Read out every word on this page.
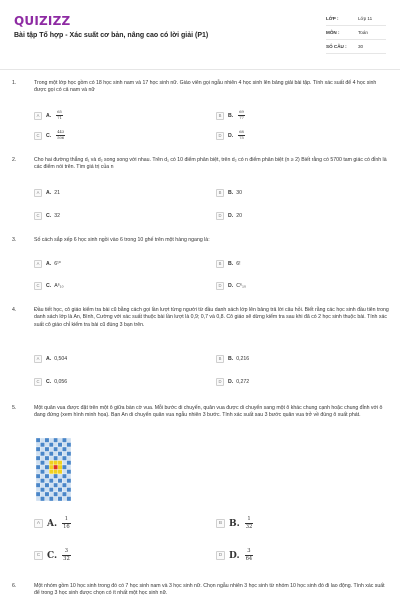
QUIZIZZ
Bài tập Tổ hợp - Xác suất cơ bản, nâng cao có lời giải (P1)
LỚP :	Lớp 11
MÔN :	Toán
SỐ CÂU :	30
1.	Trong một lớp học gồm có 18 học sinh nam và 17 học sinh nữ. Giáo viên gọi ngẫu nhiên 4 học sinh lên bảng giải bài tập. Tính xác suất để 4 học sinh được gọi có cả nam và nữ
A	A. $\frac{65}{71}$	B	B. $\frac{69}{77}$
C	C. $\frac{443}{506}$	D	D. $\frac{68}{75}$
2.	Cho hai đường thẳng d₁ và d₂ song song với nhau. Trên d₁ có 10 điểm phân biệt, trên d₂ có n điểm phân biệt (n ≥ 2) Biết rằng có 5700 tam giác có đỉnh là các điểm nói trên. Tìm giá trị của n
A	A. 21	B	B. 30
C	C. 32	D	D. 20
3.	Số cách sắp xếp 6 học sinh ngồi vào 6 trong 10 ghế trên một hàng ngang là:
A	A. 6¹⁰	B	B. 6!
C	C. A⁶₁₀	D	D. C⁶₁₀
4.	Đầu tiết học, cô giáo kiểm tra bài cũ bằng cách gọi lần lượt từng người từ đầu danh sách lớp lên bảng trả lời câu hỏi. Biết rằng các học sinh đầu tiên trong danh sách lớp là An, Bình, Cường với xác suất thuộc bài lần lượt là 0,9; 0,7 và 0,8. Cô giáo sẽ dừng kiểm tra sau khi đã có 2 học sinh thuộc bài. Tính xác suất cô giáo chỉ kiểm tra bài cũ đúng 3 bạn trên.
A	A. 0,504	B	B. 0,216
C	C. 0,056	D	D. 0,272
5.	Một quân vua được đặt trên một ô giữa bàn cờ vua. Mỗi bước di chuyển, quân vua được di chuyển sang một ô khác chung cạnh hoặc chung đỉnh với ô đang đứng (xem hình minh họa). Bạn An di chuyển quân vua ngẫu nhiên 3 bước. Tính xác suất sau 3 bước quân vua trở về đúng ô xuất phát.
A A. $\frac{1}{16}$	B B. $\frac{1}{32}$
C C. $\frac{3}{32}$	D D. $\frac{3}{64}$
6.	Một nhóm gồm 10 học sinh trong đó có 7 học sinh nam và 3 học sinh nữ. Chọn ngẫu nhiên 3 học sinh từ nhóm 10 học sinh đó đi lao động. Tính xác suất để trong 3 học sinh được chọn có ít nhất một học sinh nữ.
